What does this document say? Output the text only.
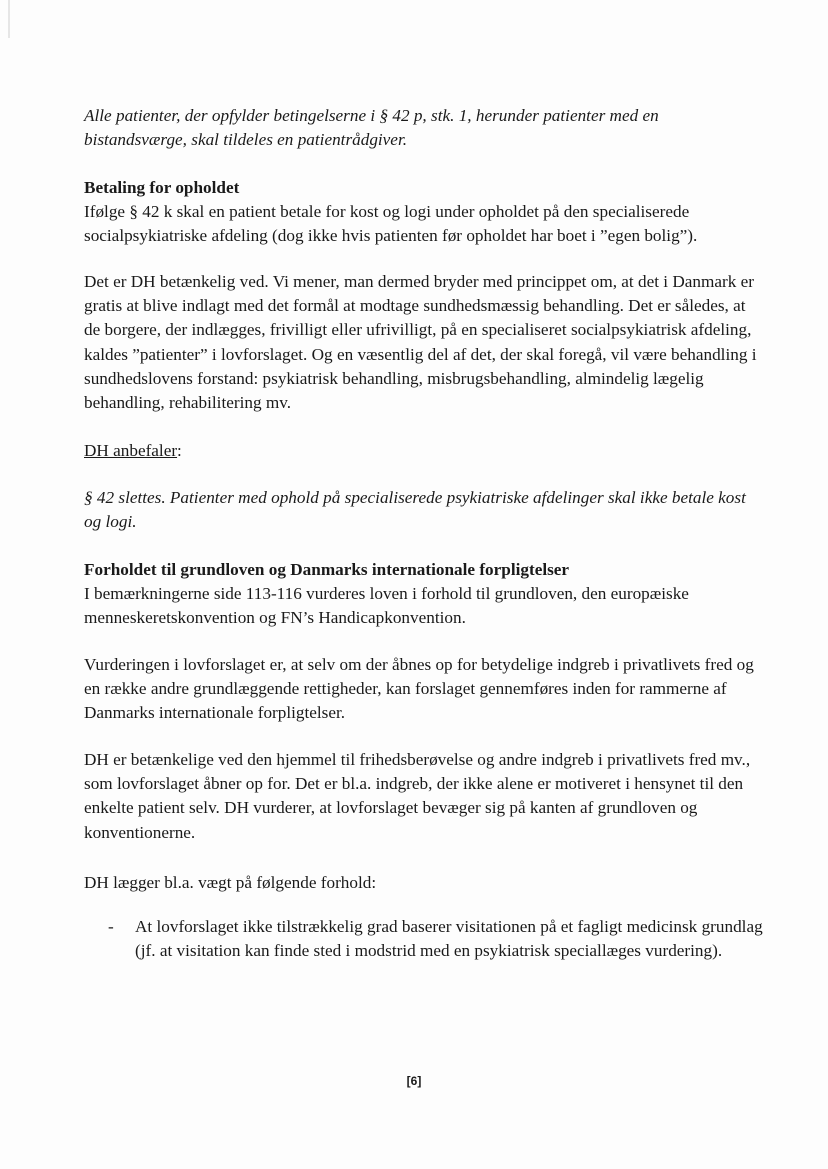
Alle patienter, der opfylder betingelserne i § 42 p, stk. 1, herunder patienter med en bistandsværge, skal tildeles en patientrådgiver.

Betaling for opholdet

Ifølge § 42 k skal en patient betale for kost og logi under opholdet på den specialiserede socialpsykiatriske afdeling (dog ikke hvis patienten før opholdet har boet i ”egen bolig”).

Det er DH betænkelig ved. Vi mener, man dermed bryder med princippet om, at det i Danmark er gratis at blive indlagt med det formål at modtage sundhedsmæssig behandling. Det er således, at de borgere, der indlægges, frivilligt eller ufrivilligt, på en specialiseret socialpsykiatrisk afdeling, kaldes ”patienter” i lovforslaget. Og en væsentlig del af det, der skal foregå, vil være behandling i sundhedslovens forstand: psykiatrisk behandling, misbrugsbehandling, almindelig lægelig behandling, rehabilitering mv.

DH anbefaler:

§ 42 slettes. Patienter med ophold på specialiserede psykiatriske afdelinger skal ikke betale kost og logi.

Forholdet til grundloven og Danmarks internationale forpligtelser

I bemærkningerne side 113-116 vurderes loven i forhold til grundloven, den europæiske menneskeretskonvention og FN’s Handicapkonvention.

Vurderingen i lovforslaget er, at selv om der åbnes op for betydelige indgreb i privatlivets fred og en række andre grundlæggende rettigheder, kan forslaget gennemføres inden for rammerne af Danmarks internationale forpligtelser.

DH er betænkelige ved den hjemmel til frihedsberøvelse og andre indgreb i privatlivets fred mv., som lovforslaget åbner op for. Det er bl.a. indgreb, der ikke alene er motiveret i hensynet til den enkelte patient selv. DH vurderer, at lovforslaget bevæger sig på kanten af grundloven og konventionerne.

DH lægger bl.a. vægt på følgende forhold:

- At lovforslaget ikke tilstrækkelig grad baserer visitationen på et fagligt medicinsk grundlag (jf. at visitation kan finde sted i modstrid med en psykiatrisk speciallæges vurdering).

[6]
